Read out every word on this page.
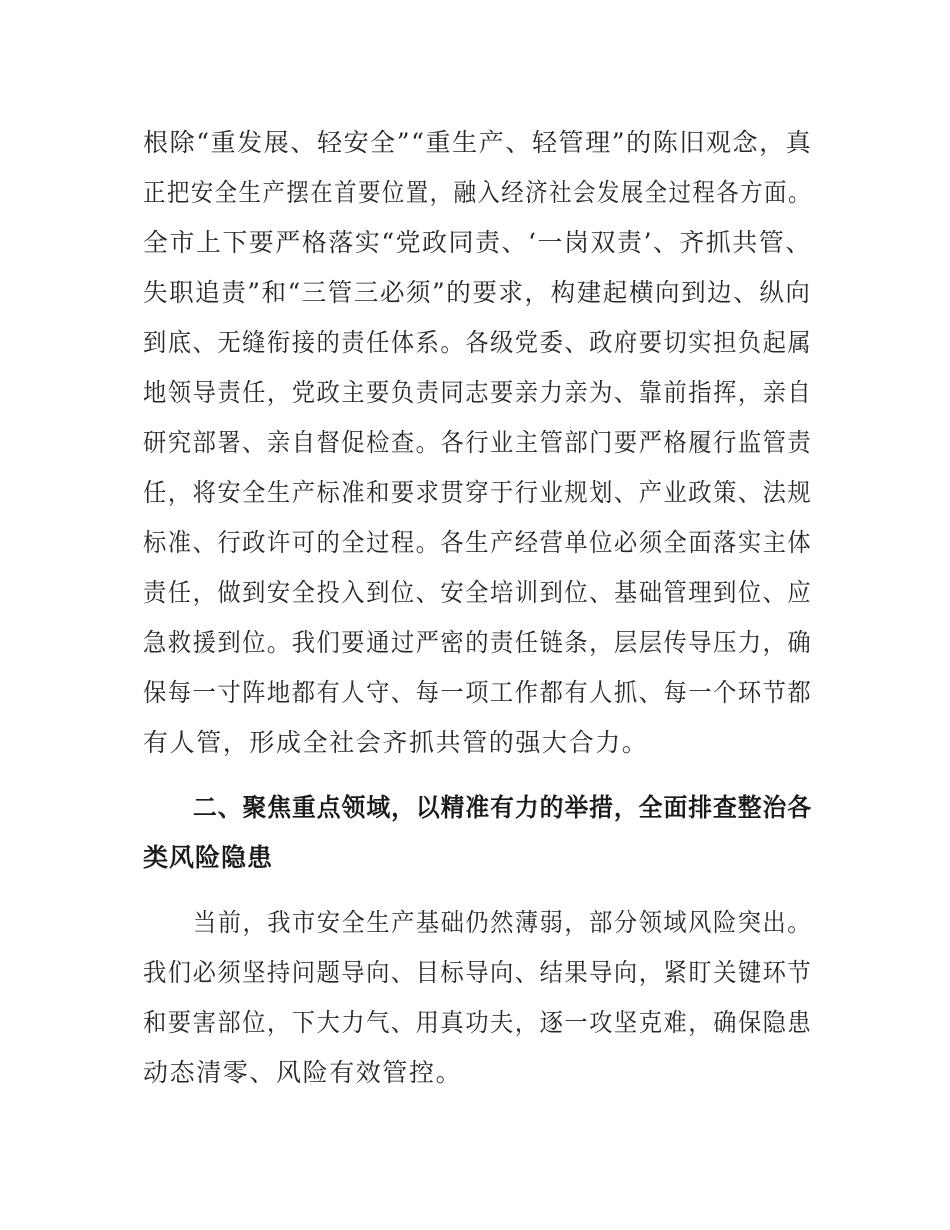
根除“重发展、轻安全”“重生产、轻管理”的陈旧观念，真
正把安全生产摆在首要位置，融入经济社会发展全过程各方面。
全市上下要严格落实“党政同责、‘一岗双责’、齐抓共管、
失职追责”和“三管三必须”的要求，构建起横向到边、纵向
到底、无缝衔接的责任体系。各级党委、政府要切实担负起属
地领导责任，党政主要负责同志要亲力亲为、靠前指挥，亲自
研究部署、亲自督促检查。各行业主管部门要严格履行监管责
任，将安全生产标准和要求贯穿于行业规划、产业政策、法规
标准、行政许可的全过程。各生产经营单位必须全面落实主体
责任，做到安全投入到位、安全培训到位、基础管理到位、应
急救援到位。我们要通过严密的责任链条，层层传导压力，确
保每一寸阵地都有人守、每一项工作都有人抓、每一个环节都
有人管，形成全社会齐抓共管的强大合力。
二、聚焦重点领域，以精准有力的举措，全面排查整治各
类风险隐患
当前，我市安全生产基础仍然薄弱，部分领域风险突出。
我们必须坚持问题导向、目标导向、结果导向，紧盯关键环节
和要害部位，下大力气、用真功夫，逐一攻坚克难，确保隐患
动态清零、风险有效管控。
